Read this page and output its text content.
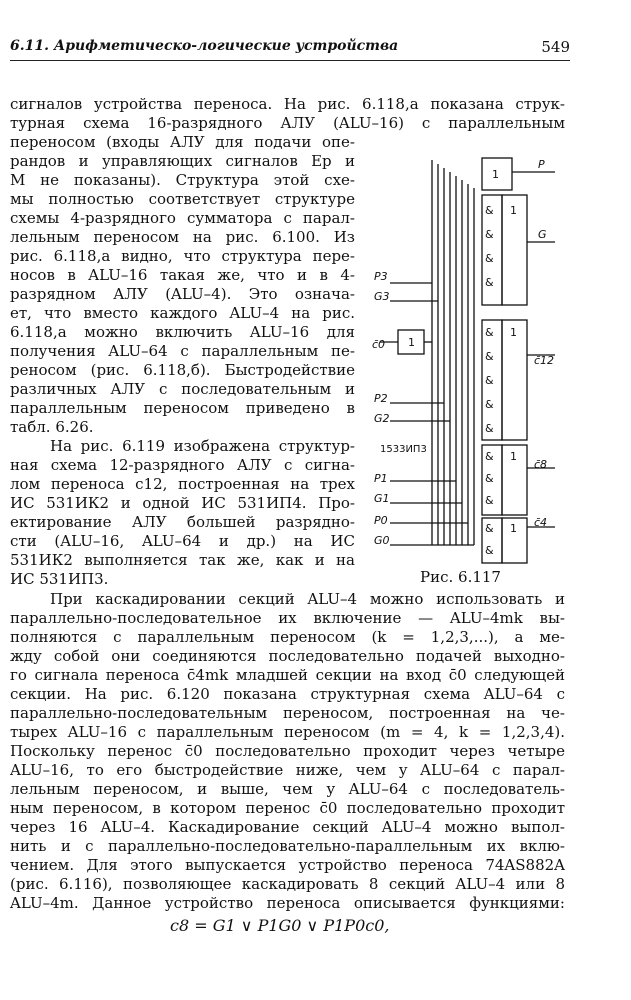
6.11. Арифметическо-логические устройства	549
сигналов устройства переноса. На рис. 6.118,а показана струк-
турная схема 16-разрядного АЛУ (ALU–16) с параллельным
переносом (входы АЛУ для подачи опе-
рандов и управляющих сигналов Ep и
M не показаны). Структура этой схе-
мы полностью соответствует структуре
схемы 4-разрядного сумматора с парал-
лельным переносом на рис. 6.100. Из
рис. 6.118,а видно, что структура пере-
носов в ALU–16 такая же, что и в 4-
разрядном АЛУ (ALU–4). Это означа-
ет, что вместо каждого ALU–4 на рис.
6.118,а можно включить ALU–16 для
получения ALU–64 с параллельным пе-
реносом (рис. 6.118,б). Быстродействие
различных АЛУ с последовательным и
параллельным переносом приведено в
табл. 6.26.
На рис. 6.119 изображена структур-
ная схема 12-разрядного АЛУ с сигна-
лом переноса c12, построенная на трех
ИС 531ИК2 и одной ИС 531ИП4. Про-
ектирование АЛУ большей разрядно-
сти (ALU–16, ALU–64 и др.) на ИС
531ИК2 выполняется так же, как и на
ИС 531ИП3.
1
&
&
&
&
1
&
&
&
&
&
1
&
&
&
1
&
&
1
1
P
G
c̄12
c̄8
c̄4
P3
G3
c̄0
P2
G2
P1
G1
P0
G0
1533ИП3
Рис. 6.117
При каскадировании секций ALU–4 можно использовать и
параллельно-последовательное их включение — ALU–4mk вы-
полняются с параллельным переносом (k = 1,2,3,...), а ме-
жду собой они соединяются последовательно подачей выходно-
го сигнала переноса c̄4mk младшей секции на вход c̄0 следующей
секции. На рис. 6.120 показана структурная схема ALU–64 с
параллельно-последовательным переносом, построенная на че-
тырех ALU–16 с параллельным переносом (m = 4, k = 1,2,3,4).
Поскольку перенос c̄0 последовательно проходит через четыре
ALU–16, то его быстродействие ниже, чем у ALU–64 с парал-
лельным переносом, и выше, чем у ALU–64 с последователь-
ным переносом, в котором перенос c̄0 последовательно проходит
через 16 ALU–4. Каскадирование секций ALU–4 можно выпол-
нить и с параллельно-последовательно-параллельным их вклю-
чением. Для этого выпускается устройство переноса 74AS882A
(рис. 6.116), позволяющее каскадировать 8 секций ALU–4 или 8
ALU–4m. Данное устройство переноса описывается функциями:
c8 = G1 ∨ P1G0 ∨ P1P0c0,
